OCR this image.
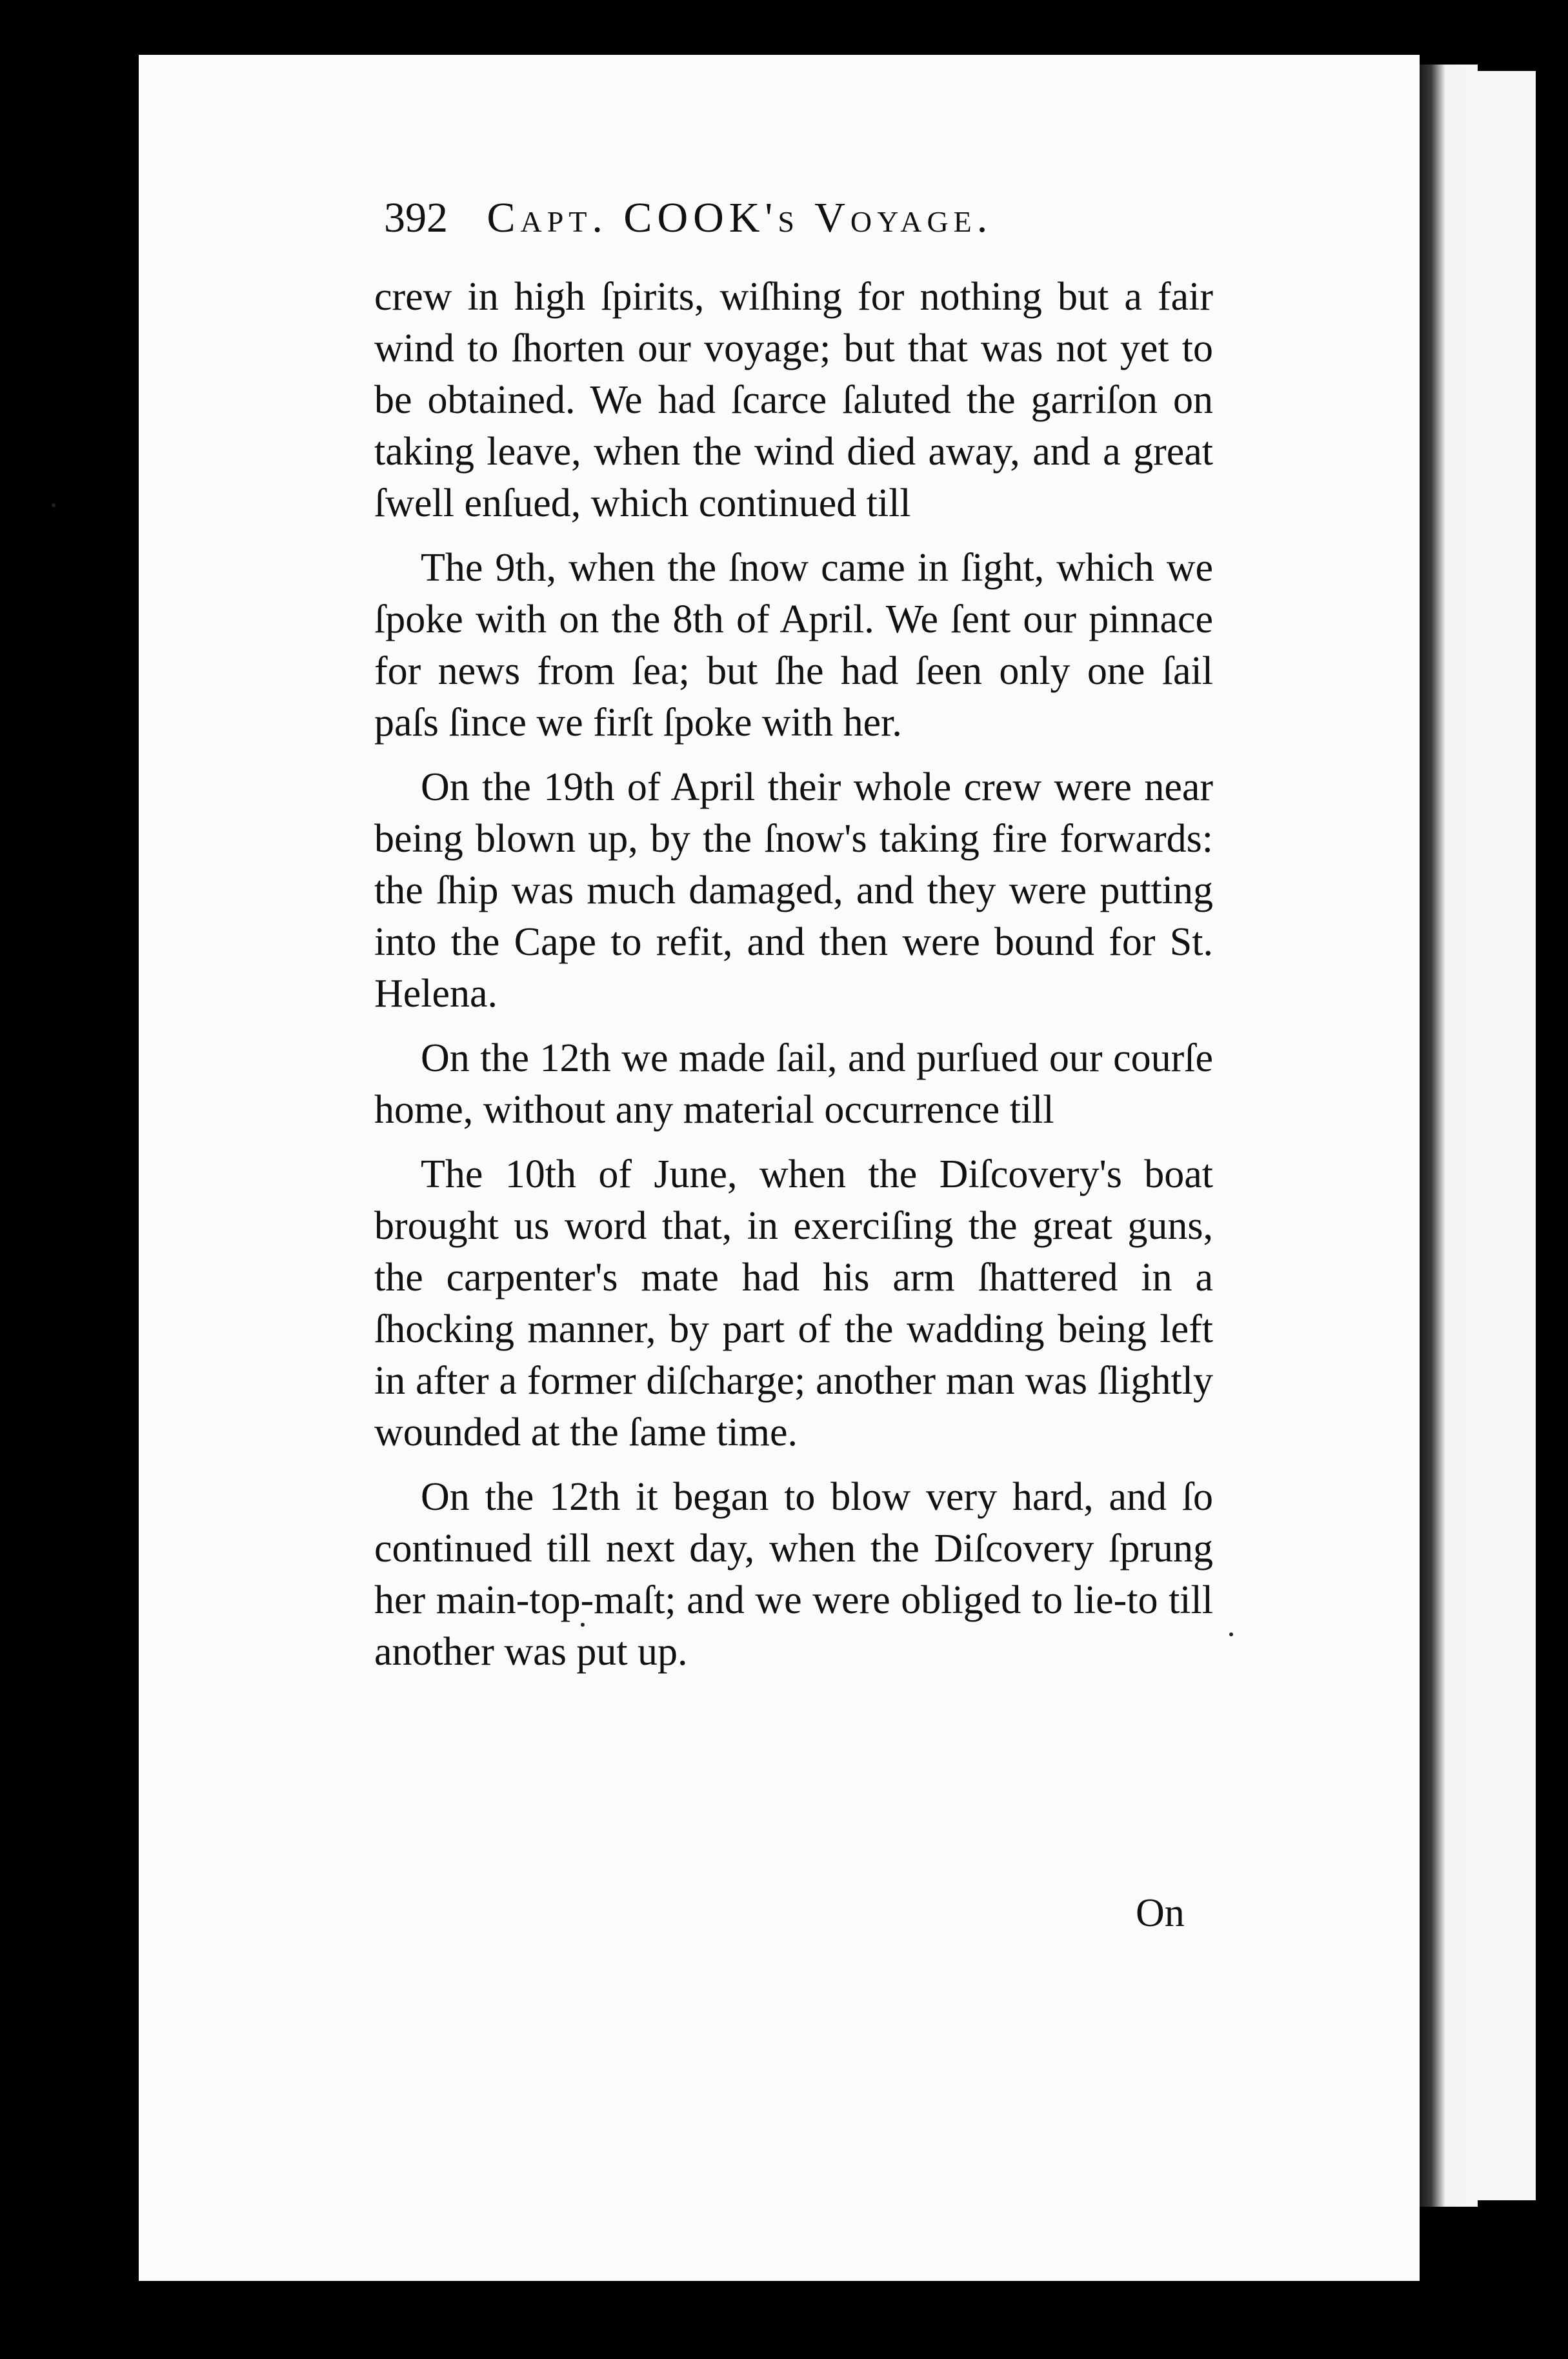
392 Capt. COOK's Voyage.

crew in high ſpirits, wiſhing for nothing but a fair wind to ſhorten our voyage; but that was not yet to be obtained. We had ſcarce ſaluted the garriſon on taking leave, when the wind died away, and a great ſwell enſued, which continued till

The 9th, when the ſnow came in ſight, which we ſpoke with on the 8th of April. We ſent our pinnace for news from ſea; but ſhe had ſeen only one ſail paſs ſince we firſt ſpoke with her.

On the 19th of April their whole crew were near being blown up, by the ſnow's taking fire forwards: the ſhip was much damaged, and they were putting into the Cape to refit, and then were bound for St. Helena.

On the 12th we made ſail, and purſued our courſe home, without any material occurrence till

The 10th of June, when the Diſcovery's boat brought us word that, in exerciſing the great guns, the carpenter's mate had his arm ſhattered in a ſhocking manner, by part of the wadding being left in after a former diſcharge; another man was ſlightly wounded at the ſame time.

On the 12th it began to blow very hard, and ſo continued till next day, when the Diſcovery ſprung her main-top-maſt; and we were obliged to lie-to till another was put up.

On
